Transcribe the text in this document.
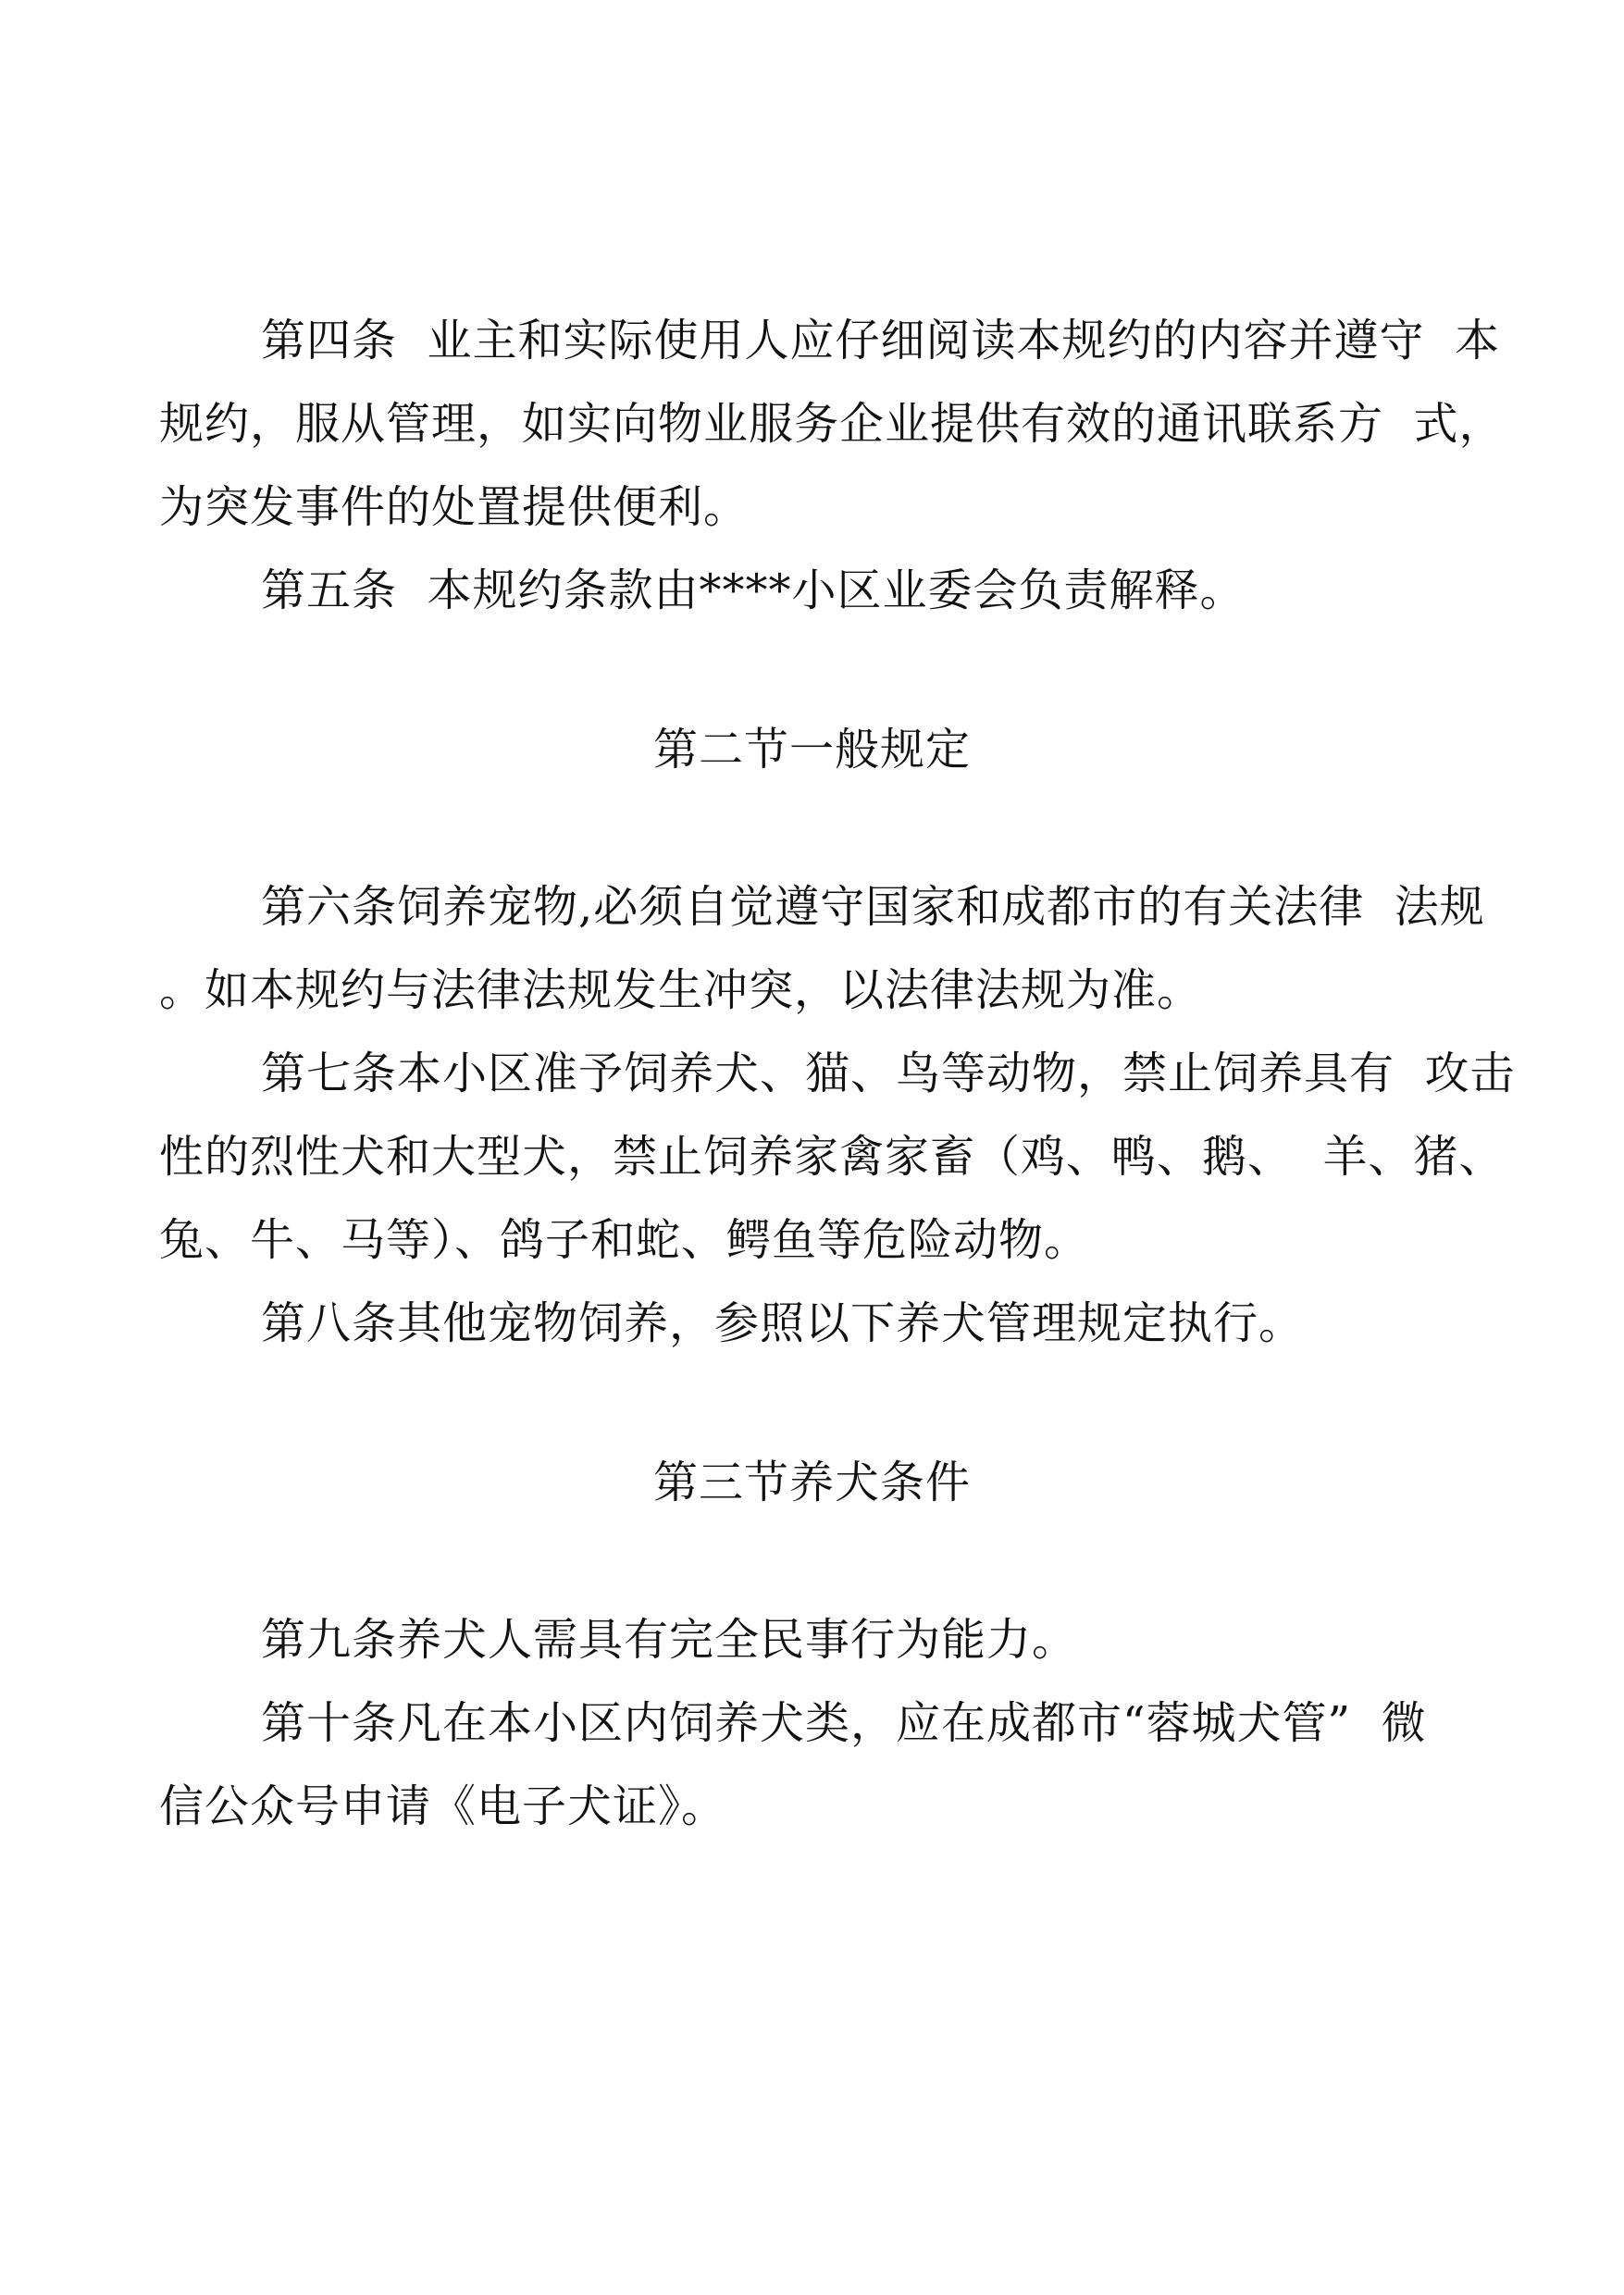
第四条  业主和实际使用人应仔细阅读本规约的内容并遵守  本
规约，服从管理，如实向物业服务企业提供有效的通讯联系方  式，
为突发事件的处置提供便利。
第五条  本规约条款由****小区业委会负责解释。
第二节一般规定
第六条饲养宠物,必须自觉遵守国家和成都市的有关法律  法规
。如本规约与法律法规发生冲突，以法律法规为准。
第七条本小区准予饲养犬、猫、鸟等动物，禁止饲养具有  攻击
性的烈性犬和大型犬，禁止饲养家禽家畜（鸡、鸭、鹅、  羊、猪、
兔、牛、马等）、鸽子和蛇、鳄鱼等危险动物。
第八条其他宠物饲养，参照以下养犬管理规定执行。
第三节养犬条件
第九条养犬人需具有完全民事行为能力。
第十条凡在本小区内饲养犬类，应在成都市“蓉城犬管”  微
信公众号申请《电子犬证》。
